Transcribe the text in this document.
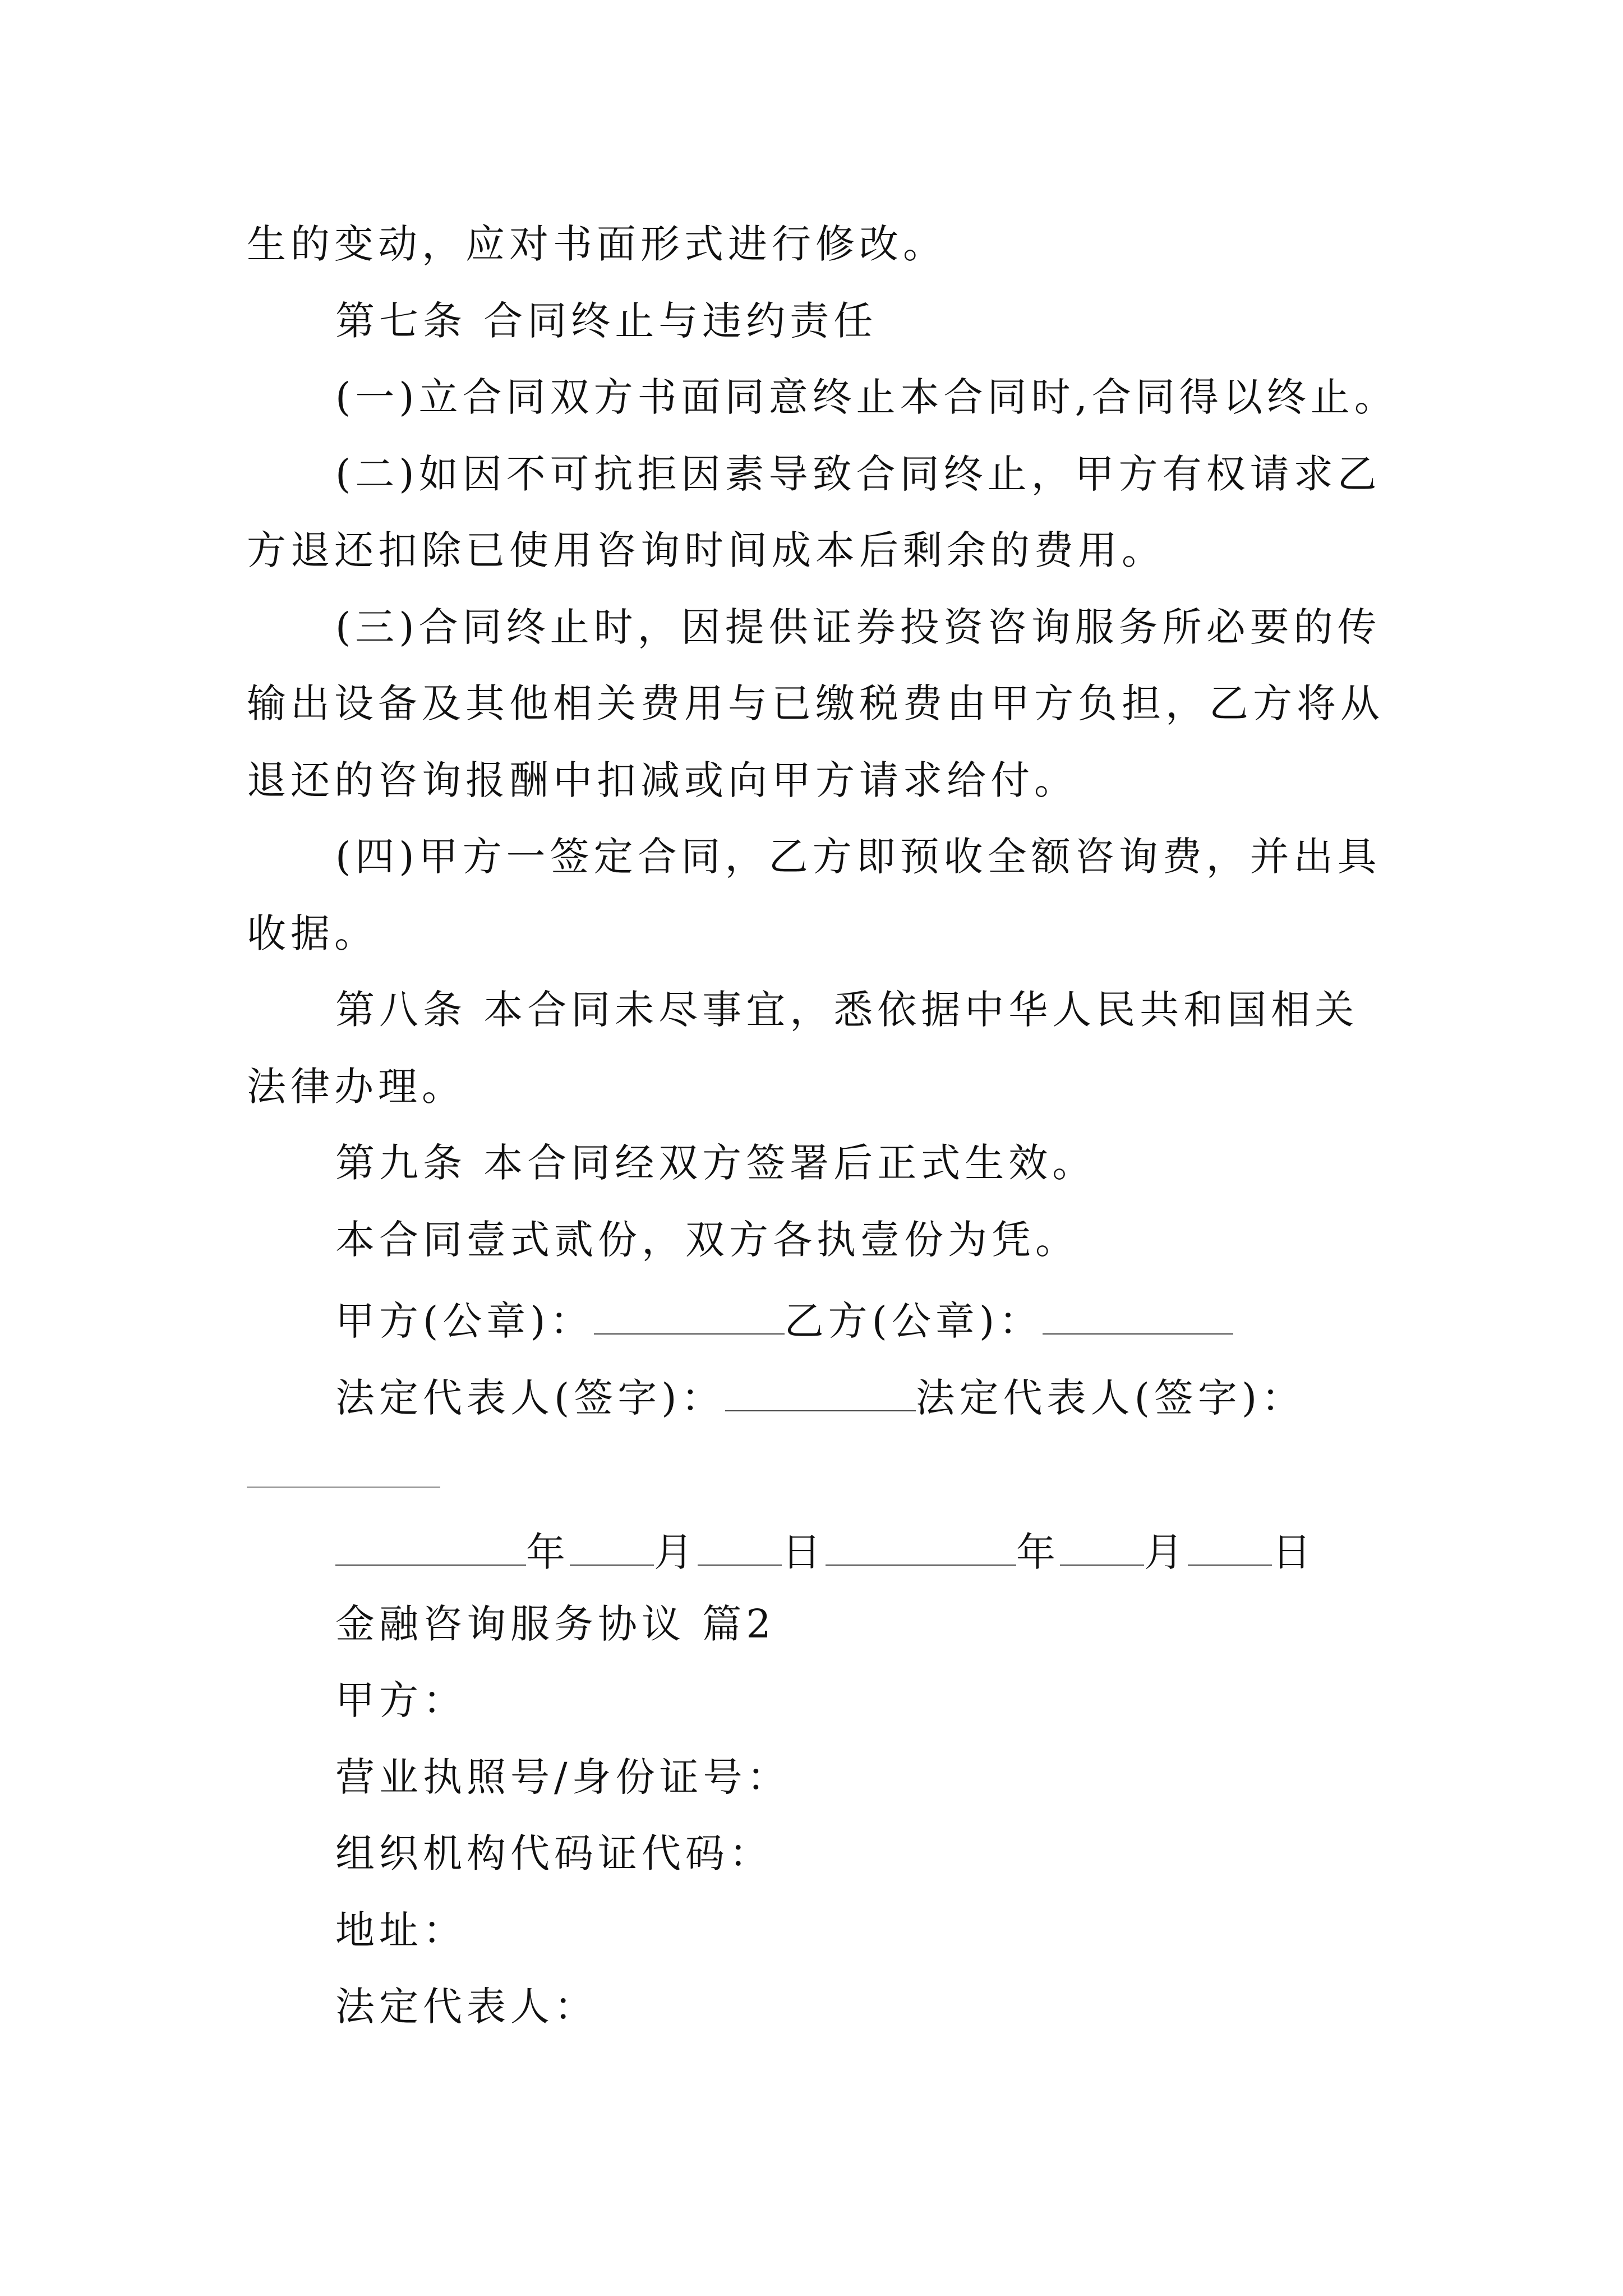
生的变动，应对书面形式进行修改。
第七条 合同终止与违约责任
(一)立合同双方书面同意终止本合同时,合同得以终止。
(二)如因不可抗拒因素导致合同终止，甲方有权请求乙
方退还扣除已使用咨询时间成本后剩余的费用。
(三)合同终止时，因提供证券投资咨询服务所必要的传
输出设备及其他相关费用与已缴税费由甲方负担，乙方将从
退还的咨询报酬中扣减或向甲方请求给付。
(四)甲方一签定合同，乙方即预收全额咨询费，并出具
收据。
第八条 本合同未尽事宜，悉依据中华人民共和国相关
法律办理。
第九条 本合同经双方签署后正式生效。
本合同壹式贰份，双方各执壹份为凭。
甲方(公章)：	乙方(公章)：
法定代表人(签字)：	法定代表人(签字)：
年 月 日	年 月 日
金融咨询服务协议 篇2
甲方：
营业执照号/身份证号：
组织机构代码证代码：
地址：
法定代表人：
